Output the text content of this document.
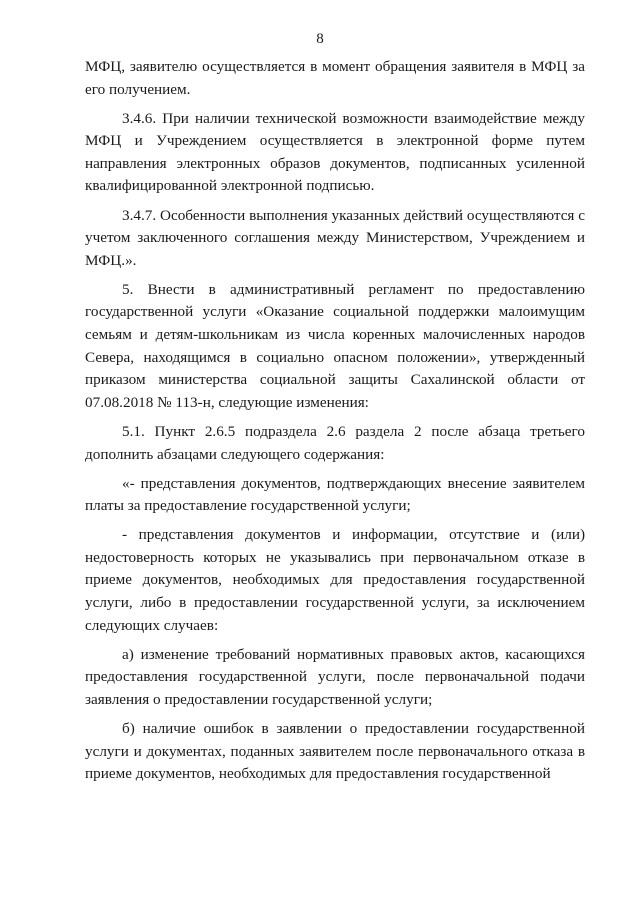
8

МФЦ, заявителю осуществляется в момент обращения заявителя в МФЦ за его получением.

3.4.6. При наличии технической возможности взаимодействие между МФЦ и Учреждением осуществляется в электронной форме путем направления электронных образов документов, подписанных усиленной квалифицированной электронной подписью.

3.4.7. Особенности выполнения указанных действий осуществляются с учетом заключенного соглашения между Министерством, Учреждением и МФЦ.».

5. Внести в административный регламент по предоставлению государственной услуги «Оказание социальной поддержки малоимущим семьям и детям-школьникам из числа коренных малочисленных народов Севера, находящимся в социально опасном положении», утвержденный приказом министерства социальной защиты Сахалинской области от 07.08.2018 № 113-н, следующие изменения:

5.1. Пункт 2.6.5 подраздела 2.6 раздела 2 после абзаца третьего дополнить абзацами следующего содержания:

«- представления документов, подтверждающих внесение заявителем платы за предоставление государственной услуги;

- представления документов и информации, отсутствие и (или) недостоверность которых не указывались при первоначальном отказе в приеме документов, необходимых для предоставления государственной услуги, либо в предоставлении государственной услуги, за исключением следующих случаев:

а) изменение требований нормативных правовых актов, касающихся предоставления государственной услуги, после первоначальной подачи заявления о предоставлении государственной услуги;

б) наличие ошибок в заявлении о предоставлении государственной услуги и документах, поданных заявителем после первоначального отказа в приеме документов, необходимых для предоставления государственной
